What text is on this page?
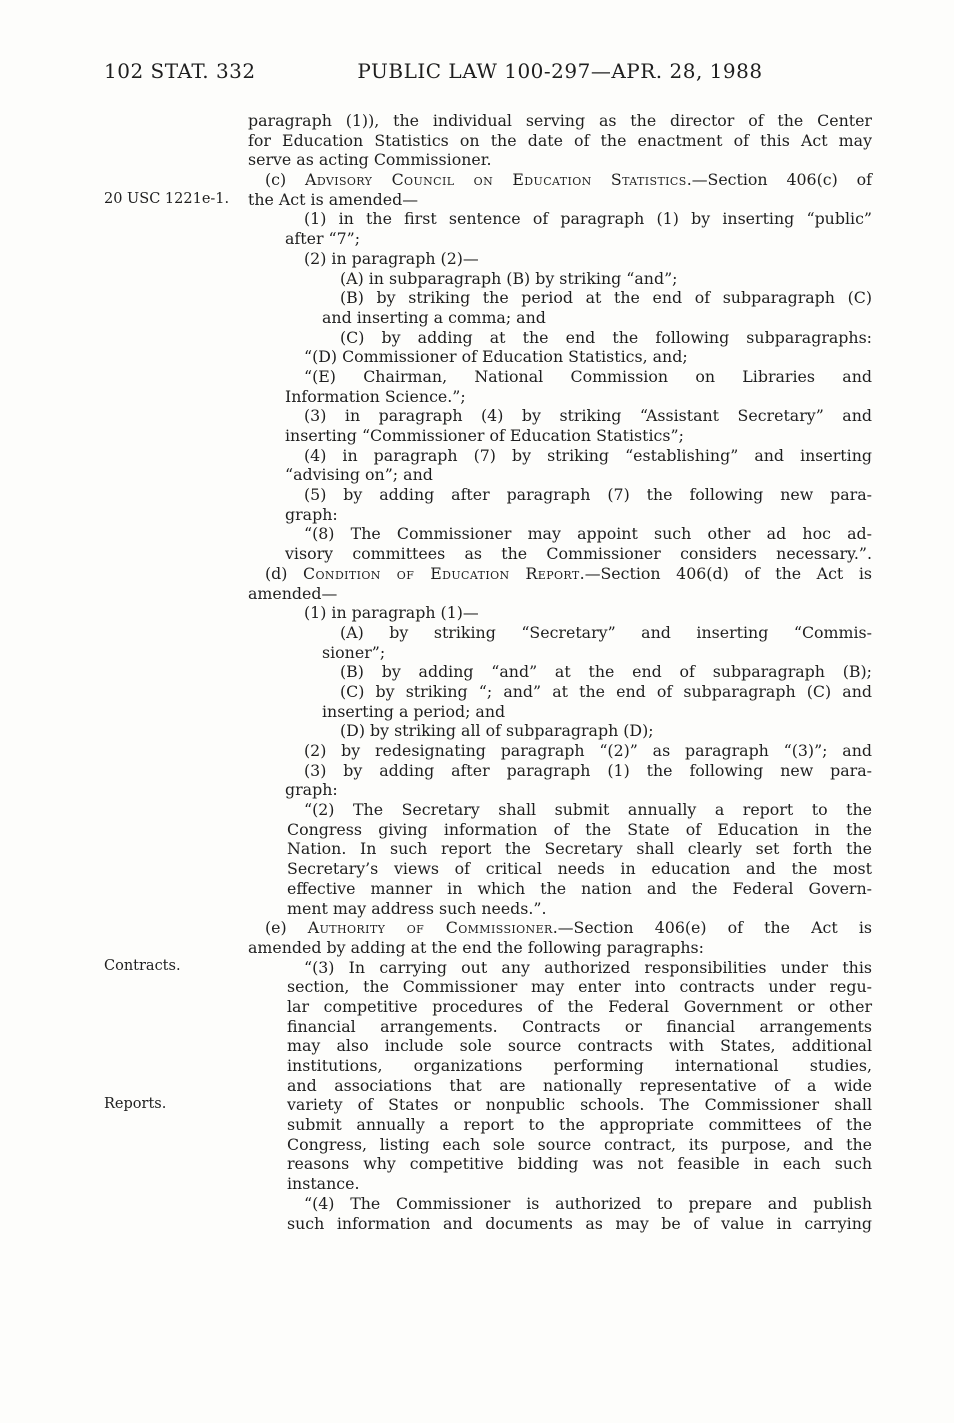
102 STAT. 332	PUBLIC LAW 100-297—APR. 28, 1988
20 USC 1221e-1.
Contracts.
Reports.
paragraph (1)), the individual serving as the director of the Center
for Education Statistics on the date of the enactment of this Act may
serve as acting Commissioner.
(c) Advisory Council on Education Statistics.—Section 406(c) of
the Act is amended—
(1) in the first sentence of paragraph (1) by inserting “public”
after “7”;
(2) in paragraph (2)—
(A) in subparagraph (B) by striking “and”;
(B) by striking the period at the end of subparagraph (C)
and inserting a comma; and
(C) by adding at the end the following subparagraphs:
“(D) Commissioner of Education Statistics, and;
“(E) Chairman, National Commission on Libraries and
Information Science.”;
(3) in paragraph (4) by striking “Assistant Secretary” and
inserting “Commissioner of Education Statistics”;
(4) in paragraph (7) by striking “establishing” and inserting
“advising on”; and
(5) by adding after paragraph (7) the following new para-
graph:
“(8) The Commissioner may appoint such other ad hoc ad-
visory committees as the Commissioner considers necessary.”.
(d) Condition of Education Report.—Section 406(d) of the Act is
amended—
(1) in paragraph (1)—
(A) by striking “Secretary” and inserting “Commis-
sioner”;
(B) by adding “and” at the end of subparagraph (B);
(C) by striking “; and” at the end of subparagraph (C) and
inserting a period; and
(D) by striking all of subparagraph (D);
(2) by redesignating paragraph “(2)” as paragraph “(3)”; and
(3) by adding after paragraph (1) the following new para-
graph:
“(2) The Secretary shall submit annually a report to the
Congress giving information of the State of Education in the
Nation. In such report the Secretary shall clearly set forth the
Secretary’s views of critical needs in education and the most
effective manner in which the nation and the Federal Govern-
ment may address such needs.”.
(e) Authority of Commissioner.—Section 406(e) of the Act is
amended by adding at the end the following paragraphs:
“(3) In carrying out any authorized responsibilities under this
section, the Commissioner may enter into contracts under regu-
lar competitive procedures of the Federal Government or other
financial arrangements. Contracts or financial arrangements
may also include sole source contracts with States, additional
institutions, organizations performing international studies,
and associations that are nationally representative of a wide
variety of States or nonpublic schools. The Commissioner shall
submit annually a report to the appropriate committees of the
Congress, listing each sole source contract, its purpose, and the
reasons why competitive bidding was not feasible in each such
instance.
“(4) The Commissioner is authorized to prepare and publish
such information and documents as may be of value in carrying
